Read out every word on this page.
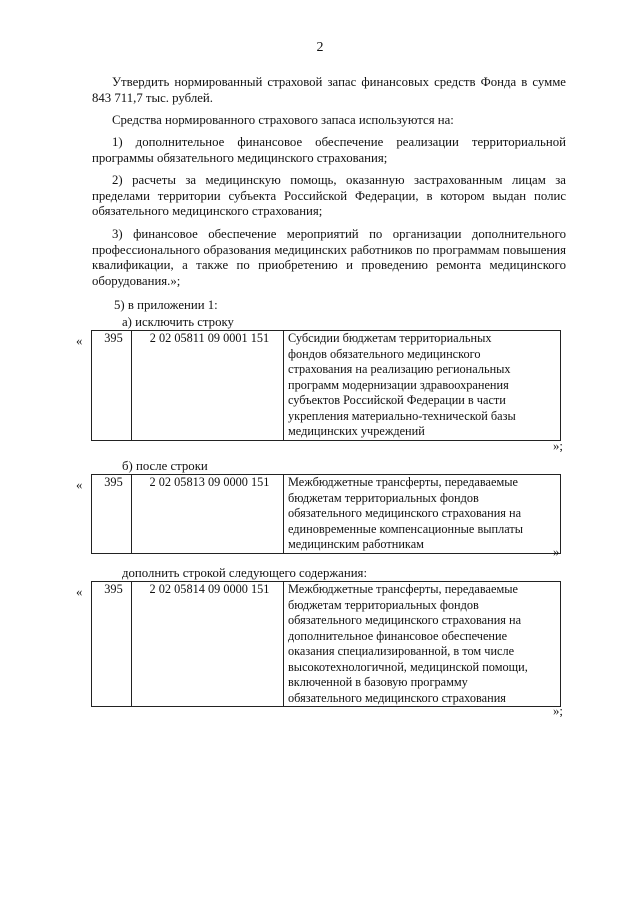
2

Утвердить нормированный страховой запас финансовых средств Фонда в сумме 843 711,7 тыс. рублей.

Средства нормированного страхового запаса используются на:

1) дополнительное финансовое обеспечение реализации территориальной программы обязательного медицинского страхования;

2) расчеты за медицинскую помощь, оказанную застрахованным лицам за пределами территории субъекта Российской Федерации, в котором выдан полис обязательного медицинского страхования;

3) финансовое обеспечение мероприятий по организации дополнительного профессионального образования медицинских работников по программам повышения квалификации, а также по приобретению и проведению ремонта медицинского оборудования.»;

5) в приложении 1:

а) исключить строку

« 395	2 02 05811 09 0001 151	Субсидии бюджетам территориальных
фондов обязательного медицинского
страхования на реализацию региональных
программ модернизации здравоохранения
субъектов Российской Федерации в части
укрепления материально-технической базы
медицинских учреждений
»;

б) после строки

« 395	2 02 05813 09 0000 151	Межбюджетные трансферты, передаваемые
бюджетам территориальных фондов
обязательного медицинского страхования на
единовременные компенсационные выплаты
медицинским работникам
»

дополнить строкой следующего содержания:

« 395	2 02 05814 09 0000 151	Межбюджетные трансферты, передаваемые
бюджетам территориальных фондов
обязательного медицинского страхования на
дополнительное финансовое обеспечение
оказания специализированной, в том числе
высокотехнологичной, медицинской помощи,
включенной в базовую программу
обязательного медицинского страхования
»;
